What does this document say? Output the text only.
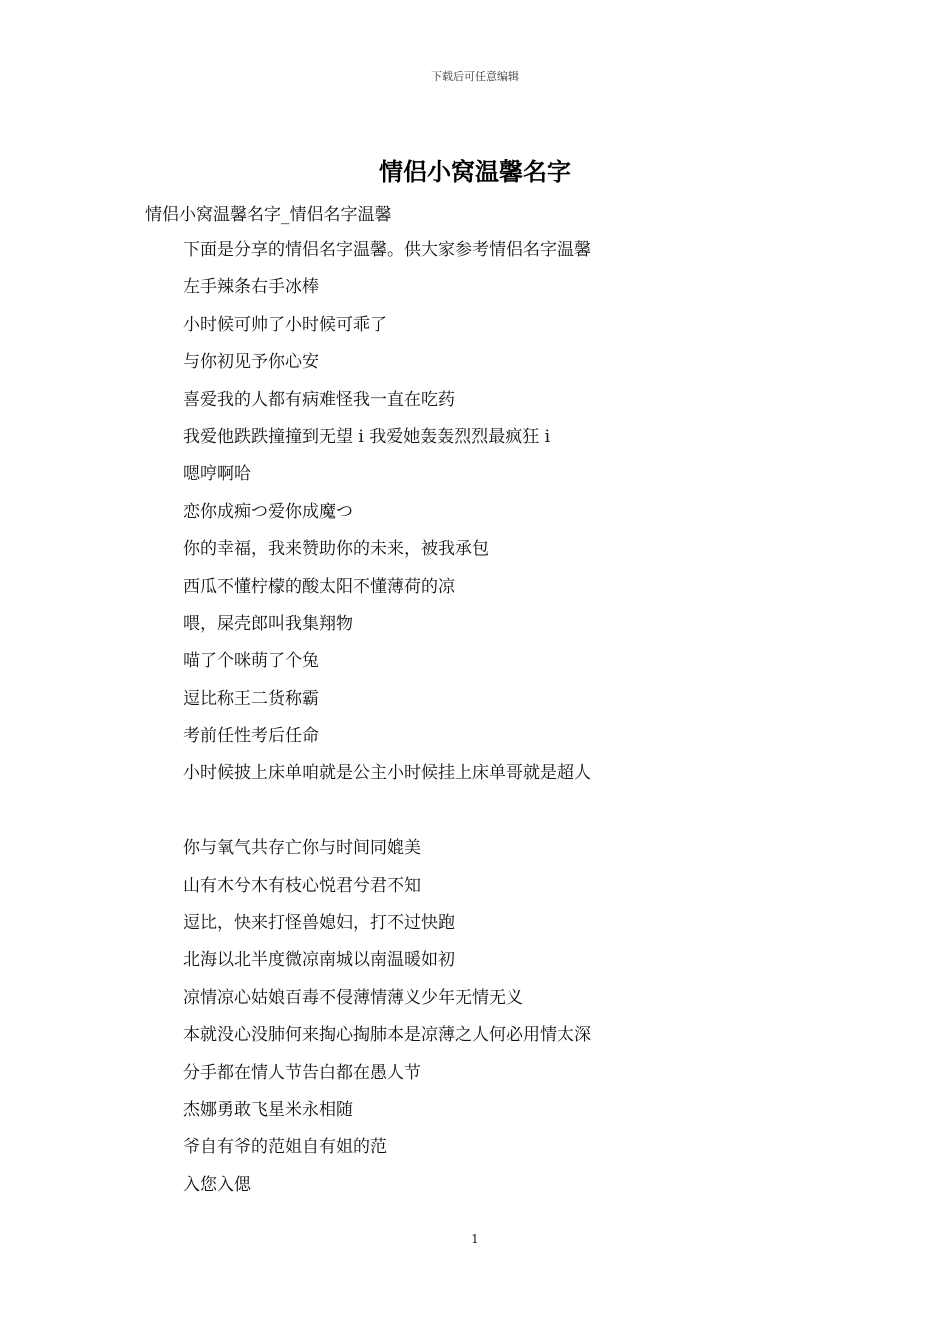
下载后可任意编辑
情侣小窝温馨名字
情侣小窝温馨名字_情侣名字温馨
下面是分享的情侣名字温馨。供大家参考情侣名字温馨
左手辣条右手冰棒
小时候可帅了小时候可乖了
与你初见予你心安
喜爱我的人都有病难怪我一直在吃药
我爱他跌跌撞撞到无望 i 我爱她轰轰烈烈最疯狂 i
嗯哼啊哈
恋你成痴つ爱你成魔つ
你的幸福，我来赞助你的未来，被我承包
西瓜不懂柠檬的酸太阳不懂薄荷的凉
喂，屎壳郎叫我集翔物
喵了个咪萌了个兔
逗比称王二货称霸
考前任性考后任命
小时候披上床单咱就是公主小时候挂上床单哥就是超人
你与氧气共存亡你与时间同媲美
山有木兮木有枝心悦君兮君不知
逗比，快来打怪兽媳妇，打不过快跑
北海以北半度微凉南城以南温暖如初
凉情凉心姑娘百毒不侵薄情薄义少年无情无义
本就没心没肺何来掏心掏肺本是凉薄之人何必用情太深
分手都在情人节告白都在愚人节
杰娜勇敢飞星米永相随
爷自有爷的范姐自有姐的范
入您入偲
1
